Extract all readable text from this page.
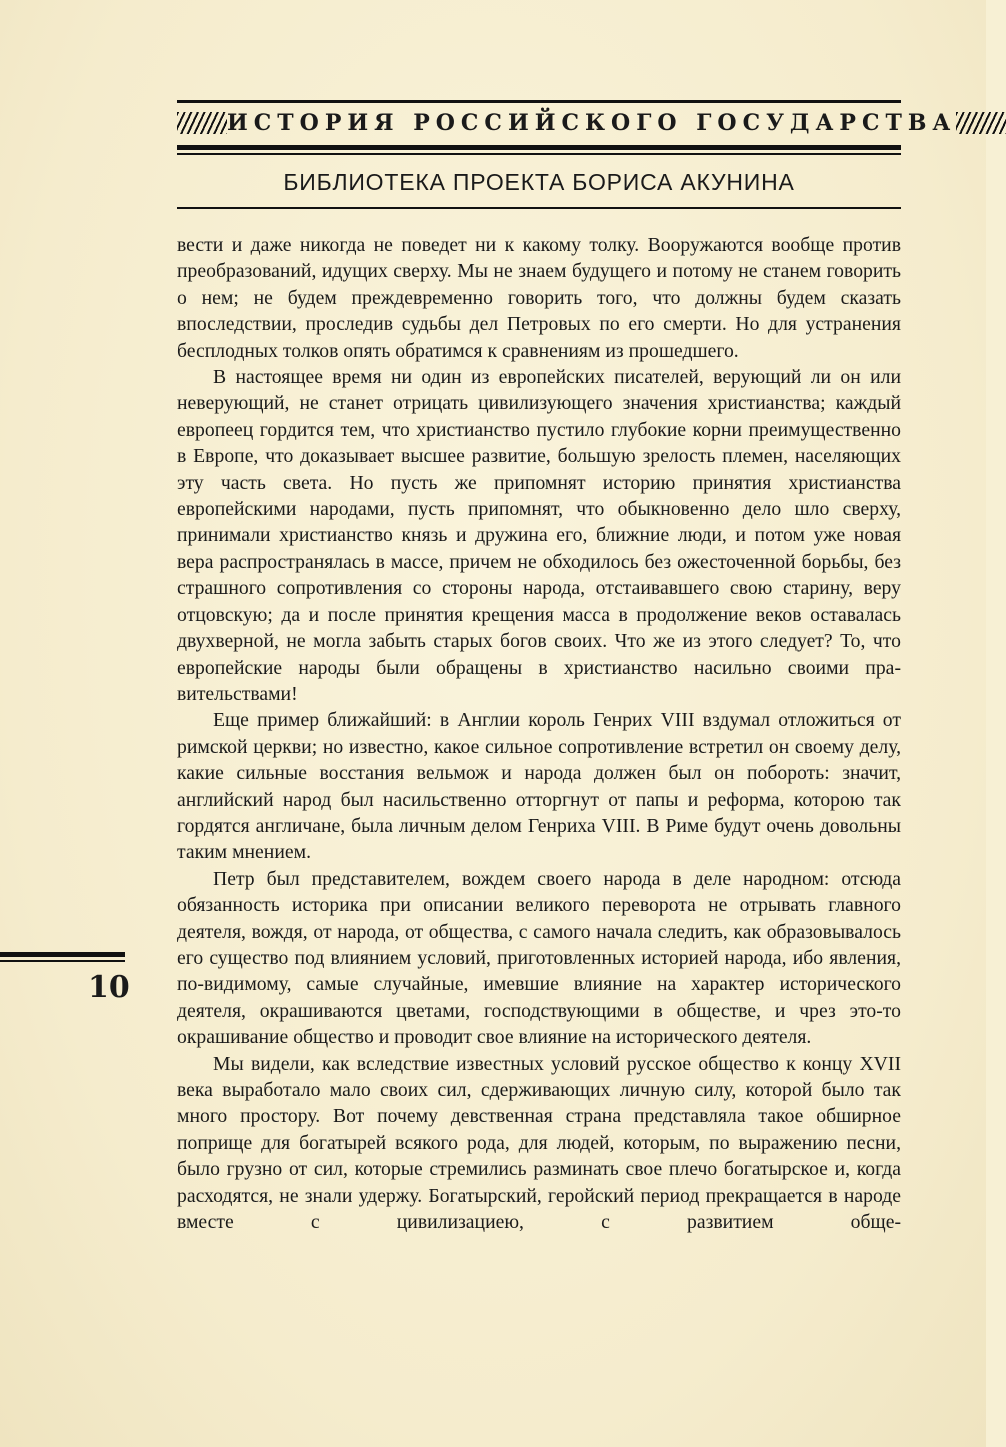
ИСТОРИЯ РОССИЙСКОГО ГОСУДАРСТВА
БИБЛИОТЕКА ПРОЕКТА БОРИСА АКУНИНА

вести и даже никогда не поведет ни к какому толку. Вооружаются вообще против преобразований, идущих сверху. Мы не знаем будущего и потому не станем говорить о нем; не будем преждевременно говорить того, что должны будем сказать впоследствии, проследив судьбы дел Петровых по его смерти. Но для устранения бесплодных толков опять обратимся к сравнениям из прошедшего.

В настоящее время ни один из европейских писателей, верующий ли он или неверующий, не станет отрицать цивилизующего значения христианства; каждый европеец гордится тем, что христианство пустило глубокие корни преимущественно в Европе, что доказывает высшее развитие, большую зрелость племен, населяющих эту часть света. Но пусть же припомнят историю принятия христианства европейскими народами, пусть припомнят, что обыкновенно дело шло сверху, принимали христианство князь и дружина его, ближние люди, и потом уже новая вера распространялась в массе, причем не обходилось без ожесточенной борьбы, без страшного сопротивления со стороны народа, отстаивавшего свою старину, веру отцовскую; да и после принятия крещения масса в продолжение веков оставалась двухверной, не могла забыть старых богов своих. Что же из этого следует? То, что европейские народы были обращены в христианство насильно своими правительствами!

Еще пример ближайший: в Англии король Генрих VIII вздумал отложиться от римской церкви; но известно, какое сильное сопротивление встретил он своему делу, какие сильные восстания вельмож и народа должен был он побороть: значит, английский народ был насильственно отторгнут от папы и реформа, которою так гордятся англичане, была личным делом Генриха VIII. В Риме будут очень довольны таким мнением.

Петр был представителем, вождем своего народа в деле народном: отсюда обязанность историка при описании великого переворота не отрывать главного деятеля, вождя, от народа, от общества, с самого начала следить, как образовывалось его существо под влиянием условий, приготовленных историей народа, ибо явления, по-видимому, самые случайные, имевшие влияние на характер исторического деятеля, окрашиваются цветами, господствующими в обществе, и чрез это-то окрашивание общество и проводит свое влияние на исторического деятеля.

Мы видели, как вследствие известных условий русское общество к концу XVII века выработало мало своих сил, сдерживающих личную силу, которой было так много простору. Вот почему девственная страна представляла такое обширное поприще для богатырей всякого рода, для людей, которым, по выражению песни, было грузно от сил, которые стремились разминать свое плечо богатырское и, когда расходятся, не знали удержу. Богатырский, геройский период прекращается в народе вместе с цивилизациею, с развитием обще-

10
